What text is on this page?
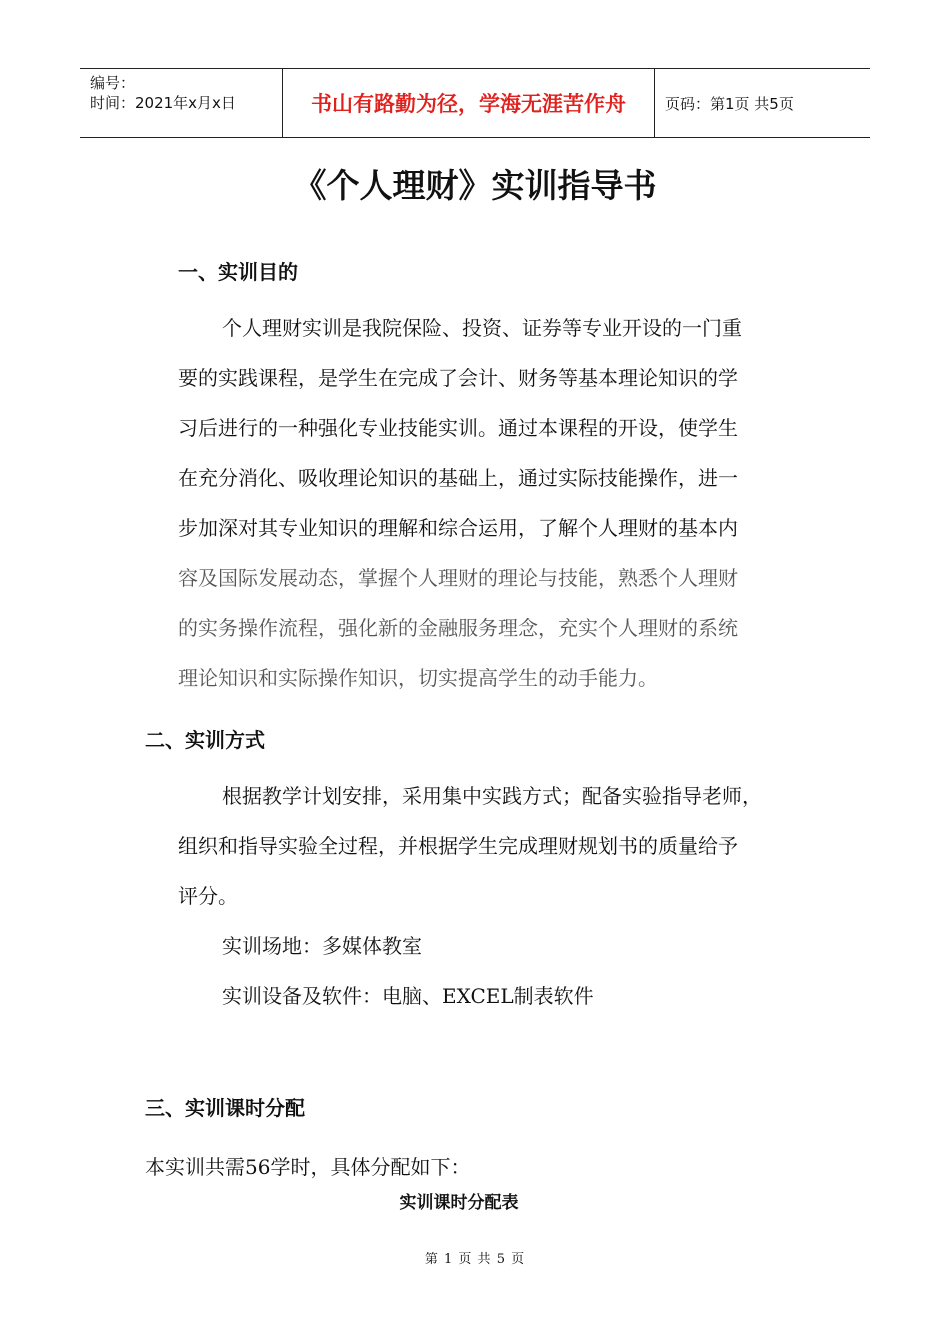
编号：
时间：2021年x月x日	书山有路勤为径，学海无涯苦作舟	页码：第1页 共5页
《个人理财》实训指导书
一、实训目的

个人理财实训是我院保险、投资、证券等专业开设的一门重

要的实践课程，是学生在完成了会计、财务等基本理论知识的学

习后进行的一种强化专业技能实训。通过本课程的开设，使学生

在充分消化、吸收理论知识的基础上，通过实际技能操作，进一

步加深对其专业知识的理解和综合运用，了解个人理财的基本内

容及国际发展动态，掌握个人理财的理论与技能，熟悉个人理财

的实务操作流程，强化新的金融服务理念，充实个人理财的系统

理论知识和实际操作知识，切实提高学生的动手能力。

二、实训方式

根据教学计划安排，采用集中实践方式；配备实验指导老师，

组织和指导实验全过程，并根据学生完成理财规划书的质量给予

评分。

实训场地：多媒体教室

实训设备及软件：电脑、EXCEL制表软件

三、实训课时分配
本实训共需56学时，具体分配如下：
实训课时分配表
第 1 页 共 5 页
